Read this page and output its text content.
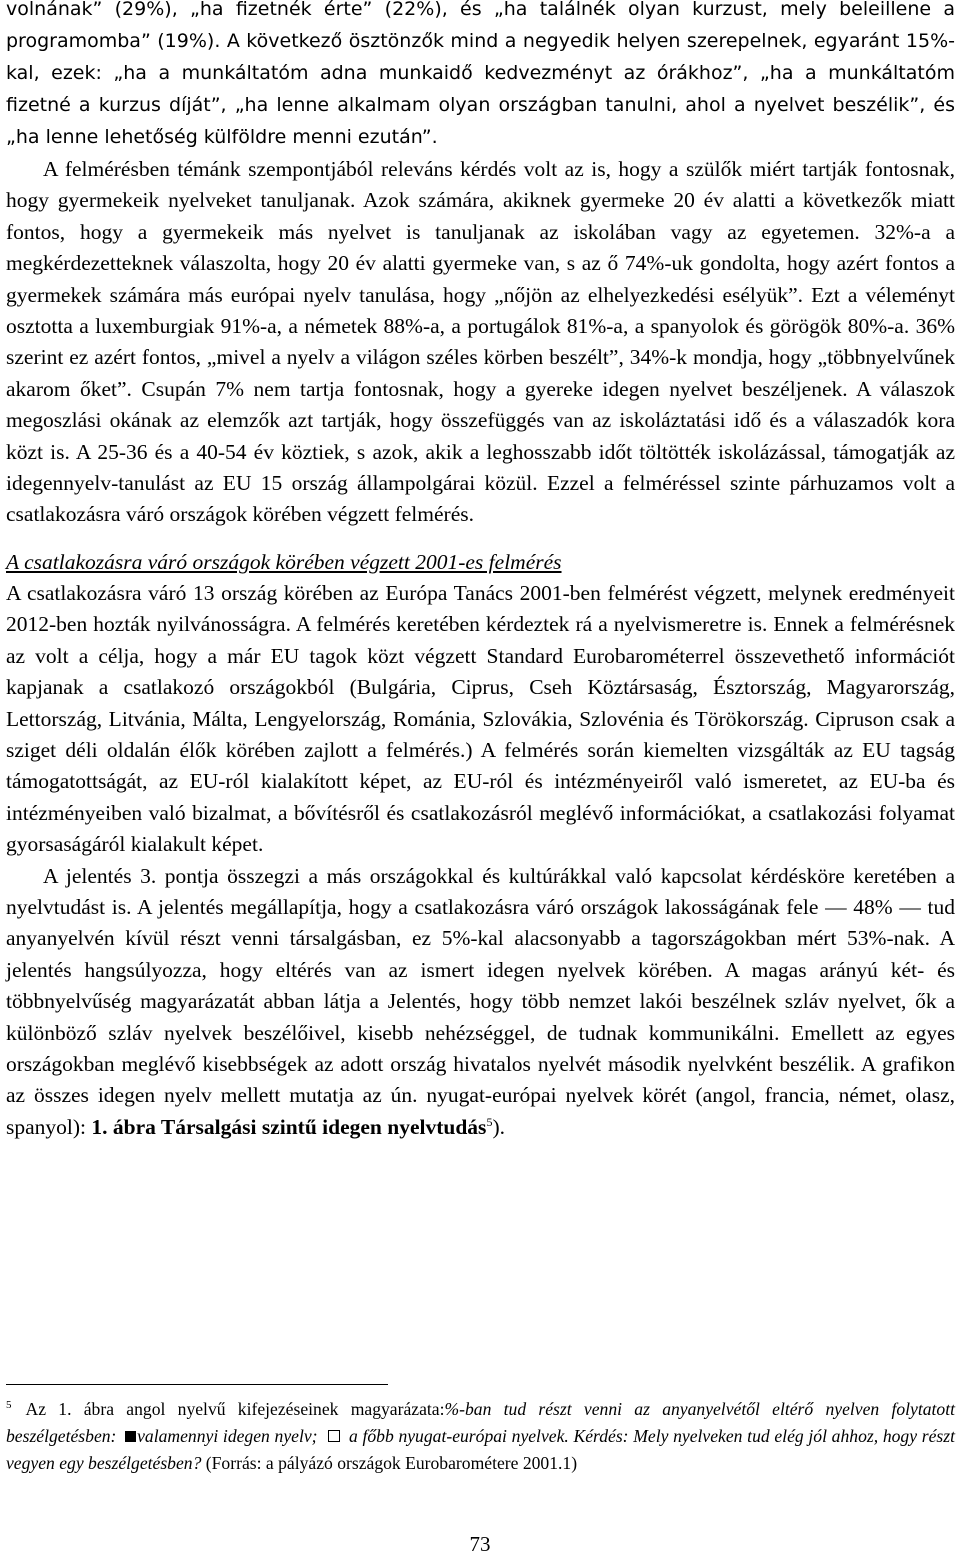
volnának” (29%), „ha fizetnék érte” (22%), és „ha találnék olyan kurzust, mely beleillene a programomba” (19%). A következő ösztönzők mind a negyedik helyen szerepelnek, egyaránt 15%-kal, ezek: „ha a munkáltatóm adna munkaidő kedvezményt az órákhoz”, „ha a munkáltatóm fizetné a kurzus díját”, „ha lenne alkalmam olyan országban tanulni, ahol a nyelvet beszélik”, és „ha lenne lehetőség külföldre menni ezután”.

A felmérésben témánk szempontjából releváns kérdés volt az is, hogy a szülők miért tartják fontosnak, hogy gyermekeik nyelveket tanuljanak. Azok számára, akiknek gyermeke 20 év alatti a következők miatt fontos, hogy a gyermekeik más nyelvet is tanuljanak az iskolában vagy az egyetemen. 32%-a a megkérdezetteknek válaszolta, hogy 20 év alatti gyermeke van, s az ő 74%-uk gondolta, hogy azért fontos a gyermekek számára más európai nyelv tanulása, hogy „nőjön az elhelyezkedési esélyük”. Ezt a véleményt osztotta a luxemburgiak 91%-a, a németek 88%-a, a portugálok 81%-a, a spanyolok és görögök 80%-a. 36% szerint ez azért fontos, „mivel a nyelv a világon széles körben beszélt”, 34%-k mondja, hogy „többnyelvűnek akarom őket”. Csupán 7% nem tartja fontosnak, hogy a gyereke idegen nyelvet beszéljenek. A válaszok megoszlási okának az elemzők azt tartják, hogy összefüggés van az iskoláztatási idő és a válaszadók kora közt is. A 25-36 és a 40-54 év köztiek, s azok, akik a leghosszabb időt töltötték iskolázással, támogatják az idegennyelv-tanulást az EU 15 ország állampolgárai közül. Ezzel a felméréssel szinte párhuzamos volt a csatlakozásra váró országok körében végzett felmérés.

A csatlakozásra váró országok körében végzett 2001-es felmérés

A csatlakozásra váró 13 ország körében az Európa Tanács 2001-ben felmérést végzett, melynek eredményeit 2012-ben hozták nyilvánosságra. A felmérés keretében kérdeztek rá a nyelvismeretre is. Ennek a felmérésnek az volt a célja, hogy a már EU tagok közt végzett Standard Eurobarométerrel összevethető információt kapjanak a csatlakozó országokból (Bulgária, Ciprus, Cseh Köztársaság, Észtország, Magyarország, Lettország, Litvánia, Málta, Lengyelország, Románia, Szlovákia, Szlovénia és Törökország. Cipruson csak a sziget déli oldalán élők körében zajlott a felmérés.) A felmérés során kiemelten vizsgálták az EU tagság támogatottságát, az EU-ról kialakított képet, az EU-ról és intézményeiről való ismeretet, az EU-ba és intézményeiben való bizalmat, a bővítésről és csatlakozásról meglévő információkat, a csatlakozási folyamat gyorsaságáról kialakult képet.

A jelentés 3. pontja összegzi a más országokkal és kultúrákkal való kapcsolat kérdésköre keretében a nyelvtudást is. A jelentés megállapítja, hogy a csatlakozásra váró országok lakosságának fele — 48% — tud anyanyelvén kívül részt venni társalgásban, ez 5%-kal alacsonyabb a tagországokban mért 53%-nak. A jelentés hangsúlyozza, hogy eltérés van az ismert idegen nyelvek körében. A magas arányú két- és többnyelvűség magyarázatát abban látja a Jelentés, hogy több nemzet lakói beszélnek szláv nyelvet, ők a különböző szláv nyelvek beszélőivel, kisebb nehézséggel, de tudnak kommunikálni. Emellett az egyes országokban meglévő kisebbségek az adott ország hivatalos nyelvét második nyelvként beszélik. A grafikon az összes idegen nyelv mellett mutatja az ún. nyugat-európai nyelvek körét (angol, francia, német, olasz, spanyol): 1. ábra Társalgási szintű idegen nyelvtudás$^5$).

$^5$ Az 1. ábra angol nyelvű kifejezéseinek magyarázata:%-ban tud részt venni az anyanyelvétől eltérő nyelven folytatott beszélgetésben: valamennyi idegen nyelv;  a főbb nyugat-európai nyelvek. Kérdés: Mely nyelveken tud elég jól ahhoz, hogy részt vegyen egy beszélgetésben? (Forrás: a pályázó országok Eurobarométere 2001.1)
73
